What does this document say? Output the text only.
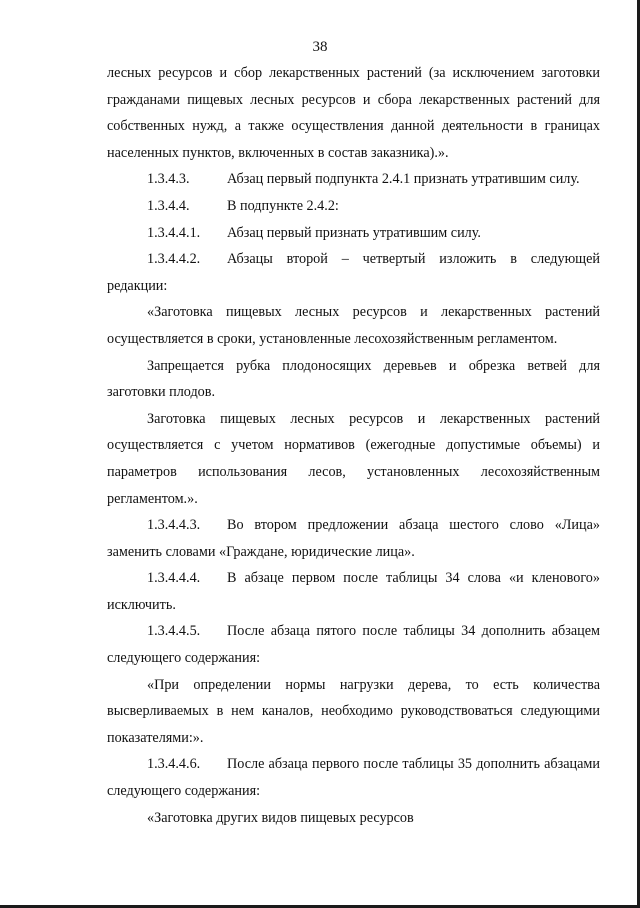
38

лесных ресурсов и сбор лекарственных растений (за исключением заготовки гражданами пищевых лесных ресурсов и сбора лекарственных растений для собственных нужд, а также осуществления данной деятельности в границах населенных пунктов, включенных в состав заказника).».

1.3.4.3.	Абзац первый подпункта 2.4.1 признать утратившим силу.

1.3.4.4.	В подпункте 2.4.2:

1.3.4.4.1. Абзац первый признать утратившим силу.

1.3.4.4.2. Абзацы второй – четвертый изложить в следующей редакции:

«Заготовка пищевых лесных ресурсов и лекарственных растений осуществляется в сроки, установленные лесохозяйственным регламентом.

Запрещается рубка плодоносящих деревьев и обрезка ветвей для заготовки плодов.

Заготовка пищевых лесных ресурсов и лекарственных растений осуществляется с учетом нормативов (ежегодные допустимые объемы) и параметров использования лесов, установленных лесохозяйственным регламентом.».

1.3.4.4.3. Во втором предложении абзаца шестого слово «Лица» заменить словами «Граждане, юридические лица».

1.3.4.4.4. В абзаце первом после таблицы 34 слова «и кленового» исключить.

1.3.4.4.5. После абзаца пятого после таблицы 34 дополнить абзацем следующего содержания:

«При определении нормы нагрузки дерева, то есть количества высверливаемых в нем каналов, необходимо руководствоваться следующими показателями:».

1.3.4.4.6. После абзаца первого после таблицы 35 дополнить абзацами следующего содержания:

«Заготовка других видов пищевых ресурсов
